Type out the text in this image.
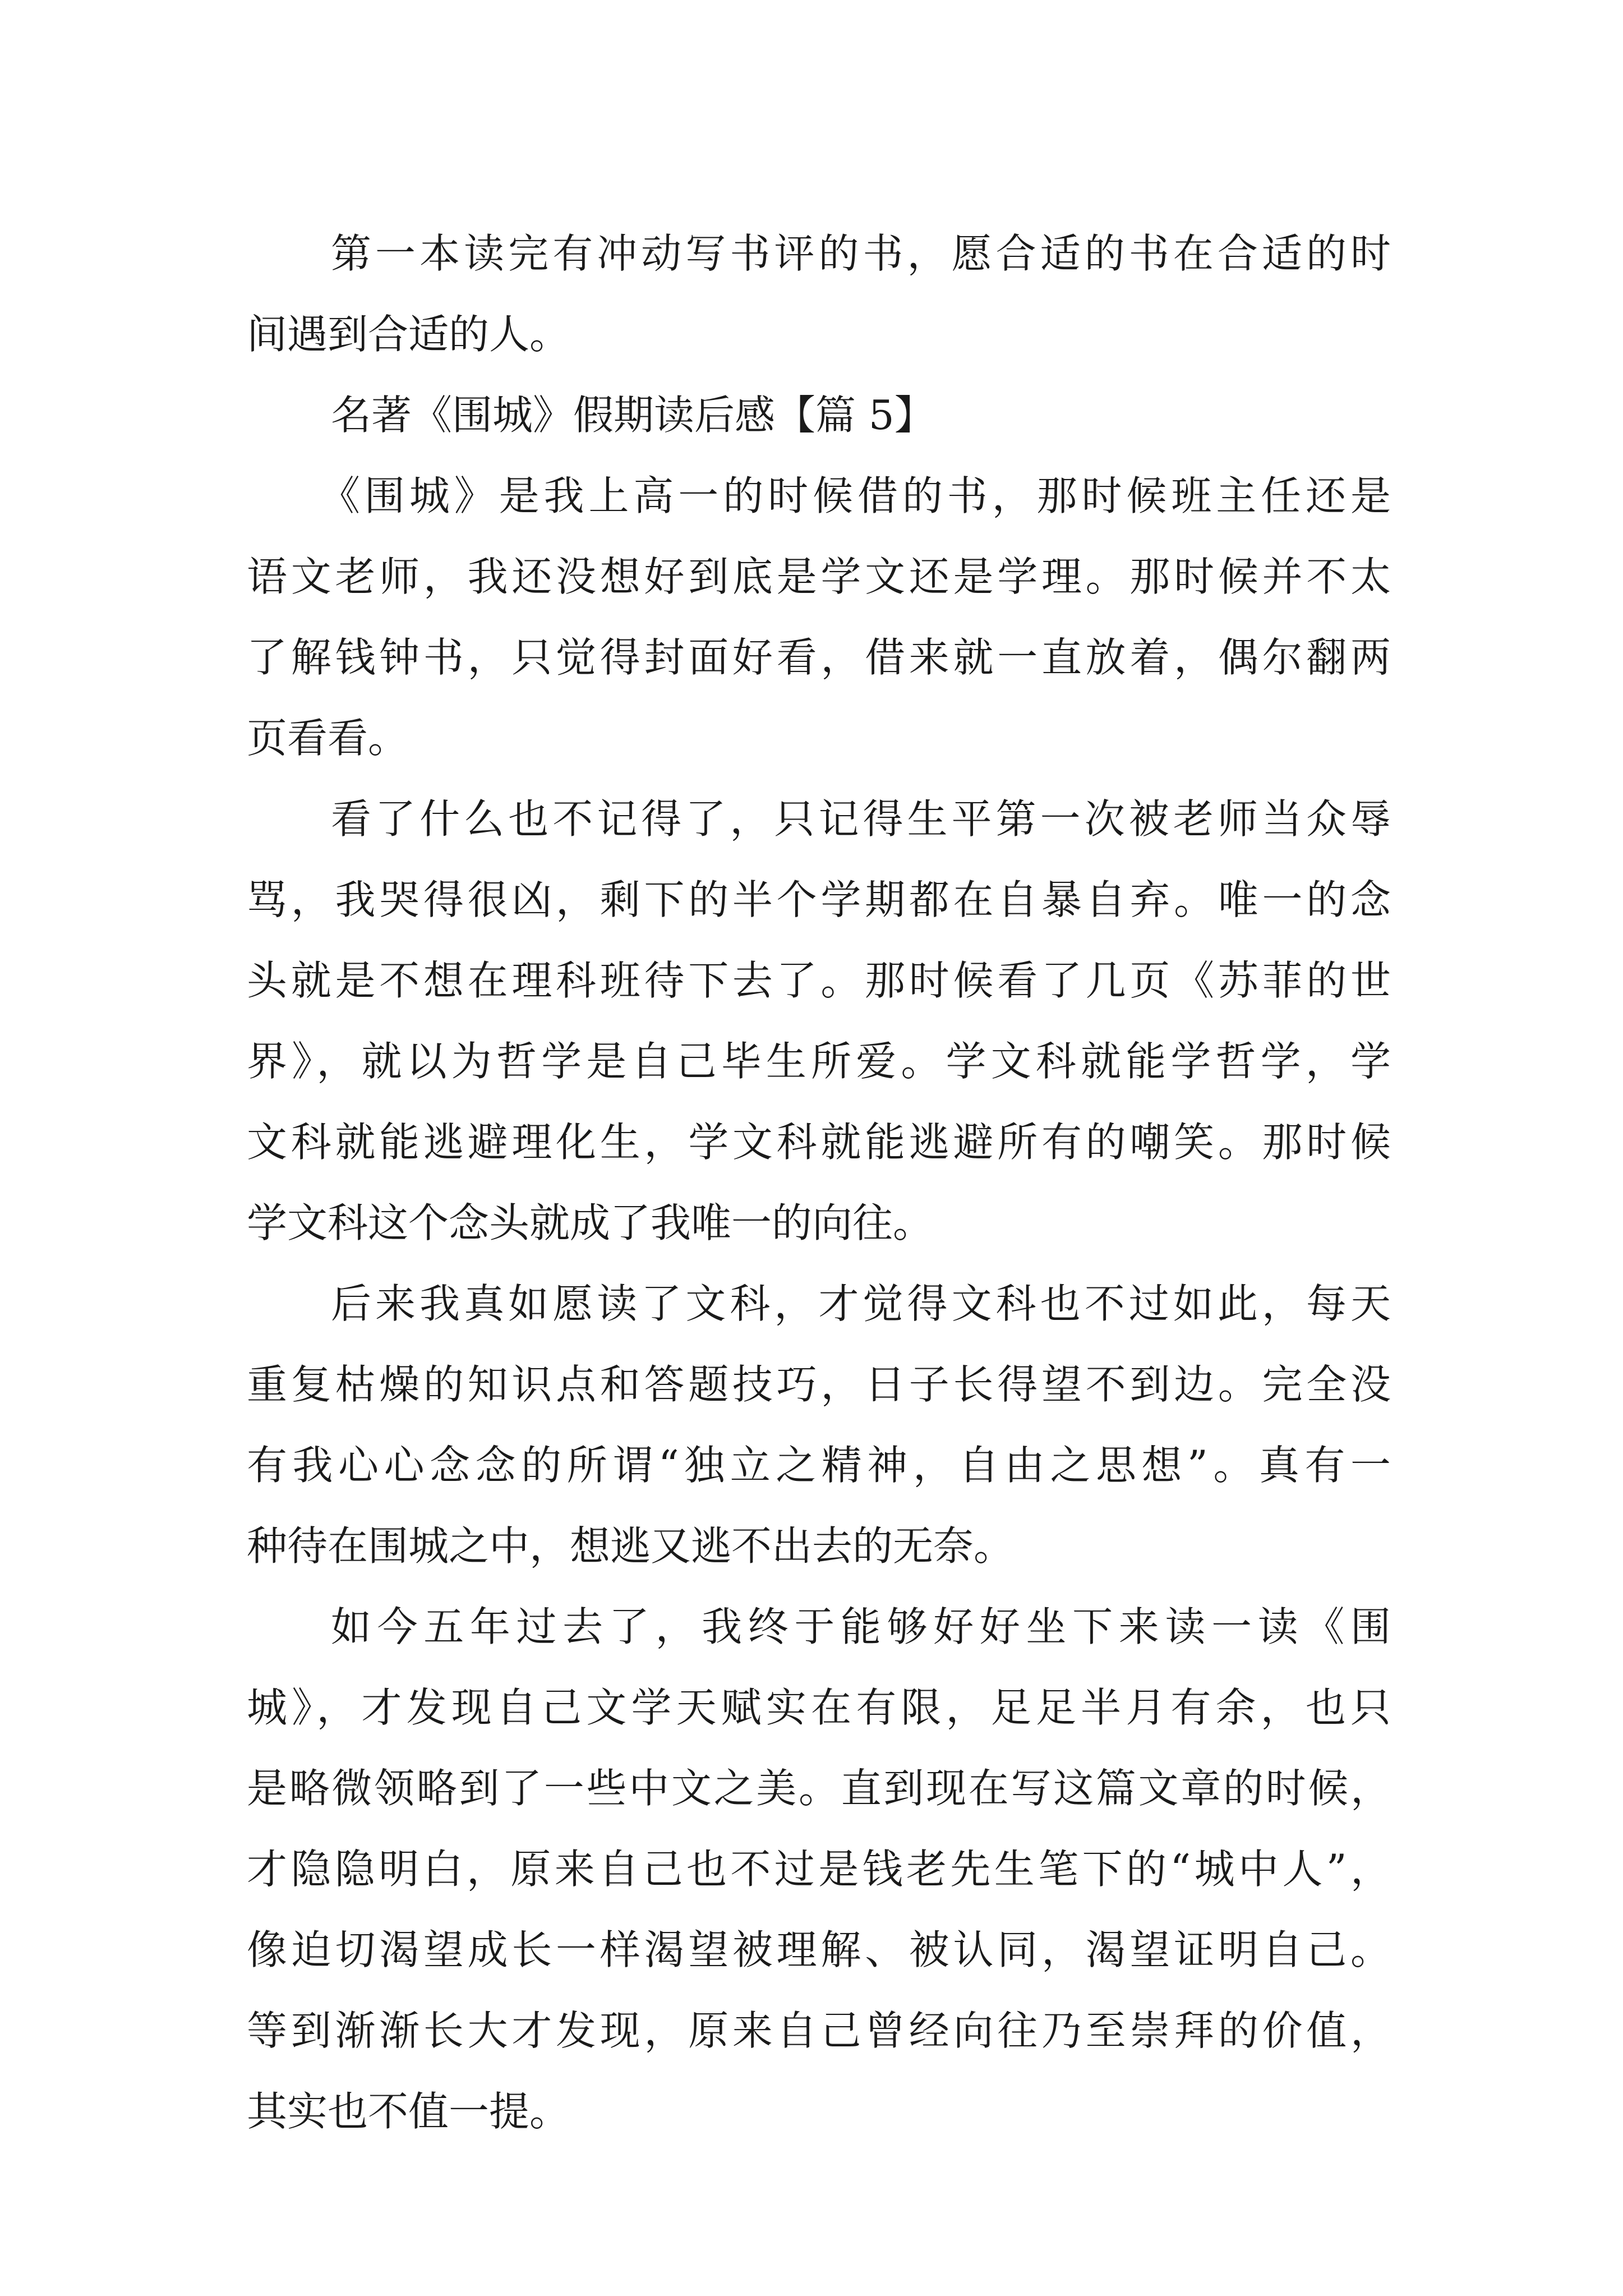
第一本读完有冲动写书评的书，愿合适的书在合适的时
间遇到合适的人。
名著《围城》假期读后感【篇 5】
《围城》是我上高一的时候借的书，那时候班主任还是
语文老师，我还没想好到底是学文还是学理。那时候并不太
了解钱钟书，只觉得封面好看，借来就一直放着，偶尔翻两
页看看。
看了什么也不记得了，只记得生平第一次被老师当众辱
骂，我哭得很凶，剩下的半个学期都在自暴自弃。唯一的念
头就是不想在理科班待下去了。那时候看了几页《苏菲的世
界》，就以为哲学是自己毕生所爱。学文科就能学哲学，学
文科就能逃避理化生，学文科就能逃避所有的嘲笑。那时候
学文科这个念头就成了我唯一的向往。
后来我真如愿读了文科，才觉得文科也不过如此，每天
重复枯燥的知识点和答题技巧，日子长得望不到边。完全没
有我心心念念的所谓“独立之精神，自由之思想”。真有一
种待在围城之中，想逃又逃不出去的无奈。
如今五年过去了，我终于能够好好坐下来读一读《围
城》，才发现自己文学天赋实在有限，足足半月有余，也只
是略微领略到了一些中文之美。直到现在写这篇文章的时候，
才隐隐明白，原来自己也不过是钱老先生笔下的“城中人”，
像迫切渴望成长一样渴望被理解、被认同，渴望证明自己。
等到渐渐长大才发现，原来自己曾经向往乃至崇拜的价值，
其实也不值一提。
